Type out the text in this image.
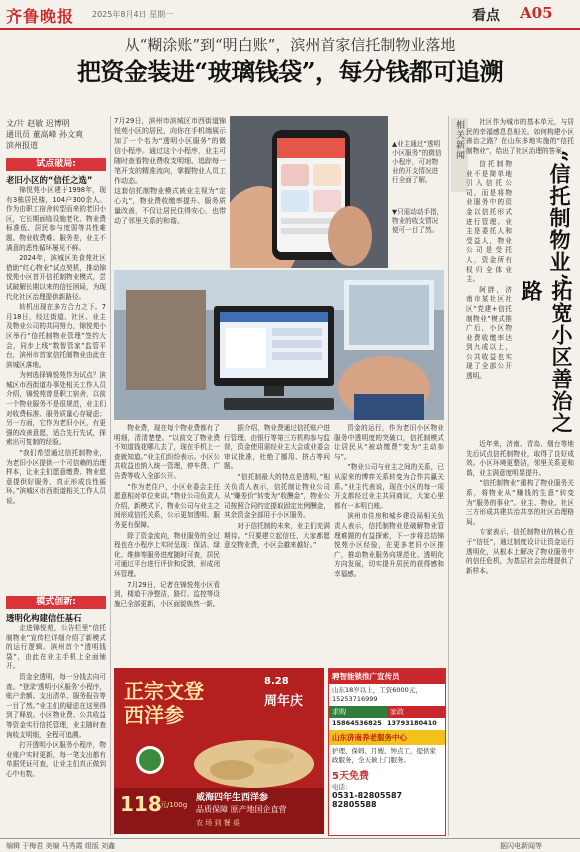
齐鲁晚报 2025年8月4日 星期一	看点 A05
从“糊涂账”到“明白账”，滨州首家信托制物业落地
把资金装进“玻璃钱袋”，每分钱都可追溯
文/片 赵敏 迟博明
通讯员 董高峰 孙文爽
滨州报道
试点破局:
老旧小区的“信任之选”

锦悦苑小区建于1998年，现有3栋居民楼，104户300余人。作为由职工宿舍转型而来的老旧小区，它长期面临设施老化、物业费标准低、居民参与度弱等共性难题。物业收费难、服务差，业主不满意的恶性循环屡见不鲜。

2024年，滨城区美食苑社区借助“红心物业”试点契机，推动锦悦苑小区首开信托制物业模式，尝试破解长期以来的信任困局，为现代化社区治理提供新路径。

转机出现在多方合力之下。7月18日，经过街道、社区、业主及物业公司的共同努力，锦悦苑小区举行“信托制物业管理”签约大会，同步上线“数智管家”监管平台，滨州市首家信托制物业由此在滨城区落地。

为何选择锦悦苑作为试点？滨城区市西街道办事处相关工作人员介绍，锦悦苑曾是职工宿舍，以前一个物业服务不是很规范，业主们对收费标准、服务质量心存疑虑；另一方面，它作为老旧小区，有更强的改善意愿，适合先行先试，探索出可复制的经验。

“我们希望通过信托制物业，为老旧小区提供一个可信赖的治理样本，让业主们愿意缴费、物业愿意提供好服务，真正形成良性循环。”滨城区市西街道相关工作人员说。

模式创新:
透明化构建信任基石

走进锦悦苑，公告栏里“信托制物业”宣传栏详细介绍了新模式的运行逻辑。滨州首个“透明钱袋”，由此在业主手机上全面铺开。

资金全透明，每一分钱去向可查。“登录‘透明小区服务’小程序，账户余额、支出清单、服务报告等一目了然。”业主们的疑虑在这里得到了释放。小区物业费、公共收益等资金实行信托管理，业主随时查询收支明细，全程可追溯。

打开透明小区服务小程序，物业账户实时更新，每一笔支出都有单据凭证可查，让业主们真正做到心中有数。

7月29日，滨州市滨城区市西街道锦悦苑小区的居民，向你在手机端展示加了一个名为“透明小区服务”的微信小程序。通过这个小程序，业主可随时查看物业费收支明细、追踪每一笔开支的精准流向，掌握物业人员工作动态。
这套信托制物业模式被业主视为“定心丸”，物业费收缴率提升、服务质量改善，不仅让居民住得安心，也带动了邻里关系的和谐。
▲业主通过“透明小区服务”的微信小程序，可对物业的开支情况进行全面了解。
▼只需动动手指，物业的收支情况便可一目了然。

物业费，现在每个物业费都有了明细，清清楚楚。“以前交了物业费不知道钱花哪儿去了，现在手机上一查就知道。”业主们纷纷表示。小区公共收益也纳入统一管理，停车费、广告费等收入全部公开。

“作为老住户，小区业委会主任愿意相对单位来讲。”物业公司负责人介绍，新模式下，物业公司与业主之间形成信托关系，公示更加透明、服务更有保障。

除了资金流向，物业服务的全过程也在小程序上实时呈现：保洁、绿化、维修等服务进度随时可查，居民可通过平台进行评价和反馈，形成闭环管理。

7月29日，记者在锦悦苑小区看到，楼道干净整洁，路灯、监控等设施已全部更新，小区面貌焕然一新。

据介绍，物业费通过信托账户进行管理，由银行等第三方机构参与监督，资金使用需经业主大会或业委会审议批准，杜绝了挪用、挤占等问题。

“信托制最大的特点是透明，”相关负责人表示，信托制让物业公司从“赚差价”转变为“收酬金”，物业公司按照合同约定提取固定比例酬金，其余资金全部用于小区服务。

对于信托制的未来，业主们充满期待。“只要建立起信任，大家都愿意交物业费，小区会越来越好。”

资金的运行，作为老旧小区物业服务中透明度的突破口，信托制模式让居民从“被动缴费”变为“主动参与”。

“物业公司与业主之间的关系，已从原来的博弈关系转变为合作共赢关系。”业主代表说，现在小区的每一项开支都经过业主共同商议，大家心里都有一本明白账。

滨州市住房和城乡建设局相关负责人表示，信托制物业是破解物业管理难题的有益探索，下一步将总结锦悦苑小区经验，在更多老旧小区推广，推动物业服务向规范化、透明化方向发展，切实提升居民的获得感和幸福感。

正宗文登
西洋参
8.28
周年庆
118
元/100g
威海四年生西洋参
品质保障 原产地国企直营
农 场 到 餐 桌
聘智能锁推广宣传员
山东18岁以上，工资6000元，15253716999
求购	家政
15864536825 13793180410
山东济南养老服务中心
护理、保姆、月嫂、钟点工，提供家政服务，全天候上门服务。
5天免费
电话：
0531-82805587
82805588
相关新闻	社区作为城市的基本单元，与居民的幸福感息息相关。如何构建小区善治之路？在山东多地实施的“信托制物业”，给出了社区治理的答案。

“信托制物业”
拓宽小区善治之路

信托制物业不是简单地引入信托公司，而是将物业服务中的资金以信托形式进行管理。业主是委托人和受益人，物业公司是受托人，资金所有权归全体业主。

阿胖，济南市某社区社区“党建+信托制物业”模式推广后，小区物业费收缴率达到九成以上，公共收益也实现了全部公开透明。

近年来，济南、青岛、烟台等地先后试点信托制物业，取得了良好成效。小区环境更整洁，邻里关系更和谐，业主满意度明显提升。

“信托制物业”重构了物业服务关系，将物业从“赚钱的生意”转变为“服务的事业”。业主、物业、社区三方形成共建共治共享的社区治理格局。

专家表示，信托制物业的核心在于“信任”，通过制度设计让资金运行透明化，从根本上解决了物业服务中的信任危机，为基层社会治理提供了新样本。

编辑 于梅君 美编 马秀霞 组版 刘鑫	据闪电新闻等
